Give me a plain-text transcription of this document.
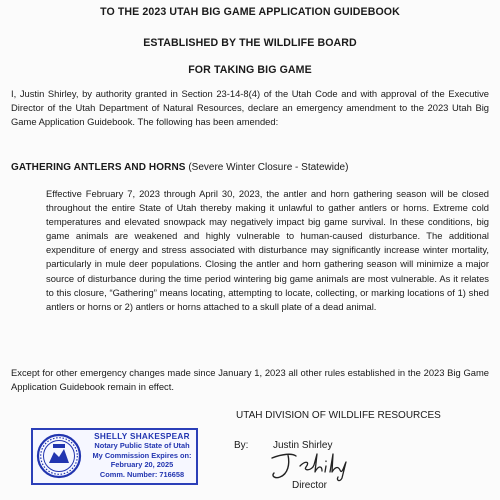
TO THE 2023 UTAH BIG GAME APPLICATION GUIDEBOOK
ESTABLISHED BY THE WILDLIFE BOARD
FOR TAKING BIG GAME

I, Justin Shirley, by authority granted in Section 23-14-8(4) of the Utah Code and with approval of the Executive Director of the Utah Department of Natural Resources, declare an emergency amendment to the 2023 Utah Big Game Application Guidebook. The following has been amended:

GATHERING ANTLERS AND HORNS (Severe Winter Closure - Statewide)

Effective February 7, 2023 through April 30, 2023, the antler and horn gathering season will be closed throughout the entire State of Utah thereby making it unlawful to gather antlers or horns. Extreme cold temperatures and elevated snowpack may negatively impact big game survival. In these conditions, big game animals are weakened and highly vulnerable to human-caused disturbance. The additional expenditure of energy and stress associated with disturbance may significantly increase winter mortality, particularly in mule deer populations. Closing the antler and horn gathering season will minimize a major source of disturbance during the time period wintering big game animals are most vulnerable. As it relates to this closure, “Gathering” means locating, attempting to locate, collecting, or marking locations of 1) shed antlers or horns or 2) antlers or horns attached to a skull plate of a dead animal.

Except for other emergency changes made since January 1, 2023 all other rules established in the 2023 Big Game Application Guidebook remain in effect.

SHELLY SHAKESPEAR
Notary Public State of Utah
My Commission Expires on:
February 20, 2025
Comm. Number: 716658
UTAH DIVISION OF WILDLIFE RESOURCES
By: Justin Shirley
Director
